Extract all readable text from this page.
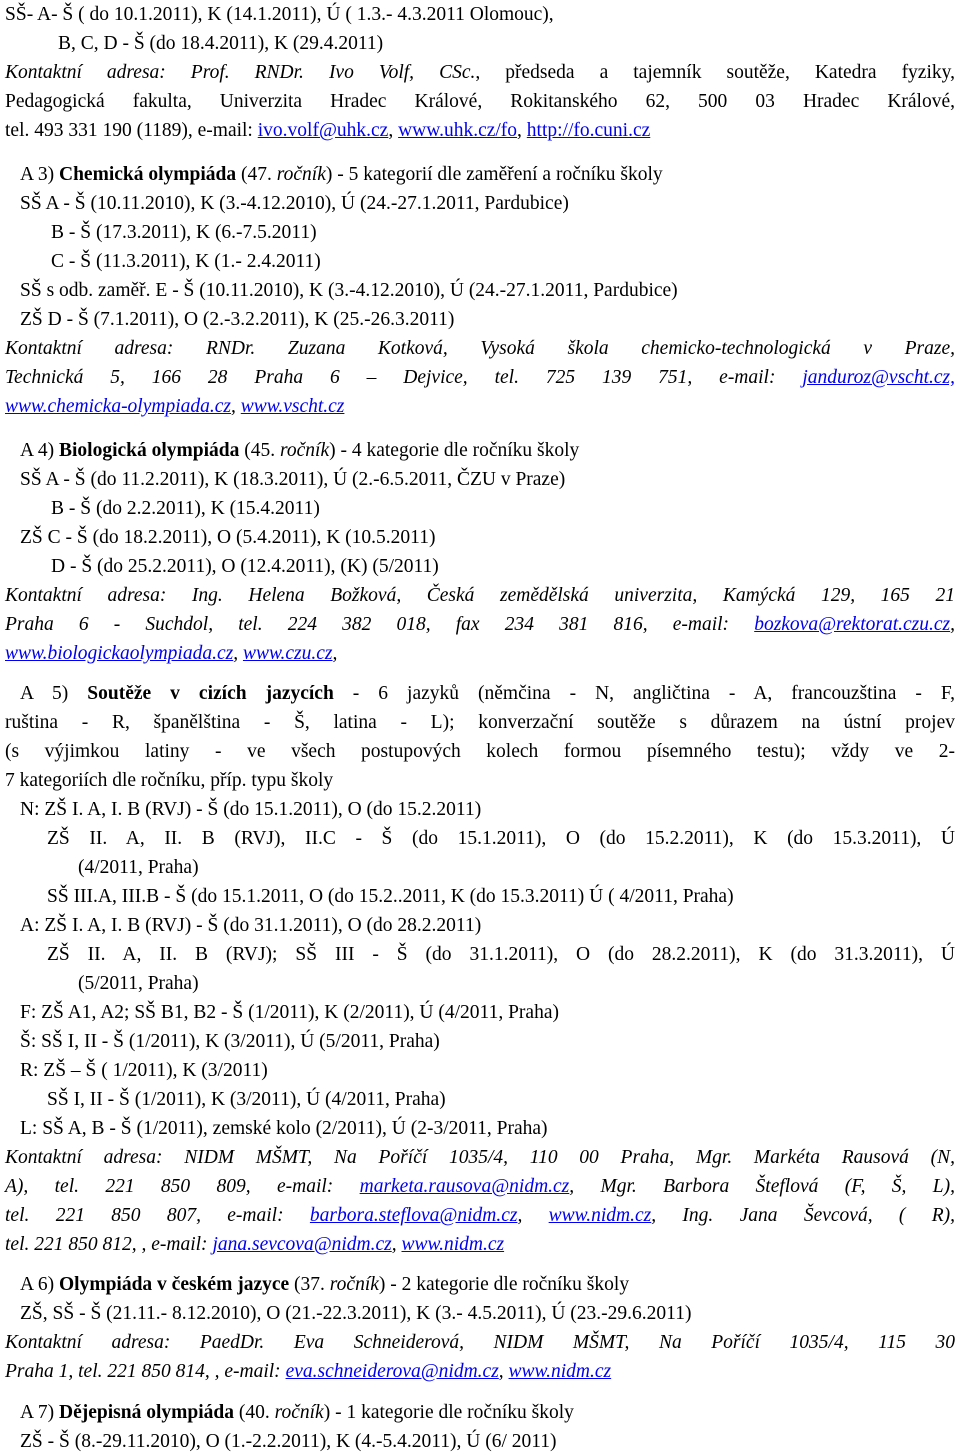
SŠ- A- Š ( do 10.1.2011), K (14.1.2011), Ú ( 1.3.- 4.3.2011 Olomouc),
B, C, D - Š (do 18.4.2011), K (29.4.2011)
Kontaktní adresa: Prof. RNDr. Ivo Volf, CSc., předseda a tajemník soutěže, Katedra fyziky,
Pedagogická fakulta, Univerzita Hradec Králové, Rokitanského 62, 500 03 Hradec Králové,
tel. 493 331 190 (1189), e-mail: ivo.volf@uhk.cz, www.uhk.cz/fo, http://fo.cuni.cz
A 3) Chemická olympiáda (47. ročník) - 5 kategorií dle zaměření a ročníku školy
SŠ A - Š (10.11.2010), K (3.-4.12.2010), Ú (24.-27.1.2011, Pardubice)
B - Š (17.3.2011), K (6.-7.5.2011)
C - Š (11.3.2011), K (1.- 2.4.2011)
SŠ s odb. zaměř. E - Š (10.11.2010), K (3.-4.12.2010), Ú (24.-27.1.2011, Pardubice)
ZŠ D - Š (7.1.2011), O (2.-3.2.2011), K (25.-26.3.2011)
Kontaktní adresa: RNDr. Zuzana Kotková, Vysoká škola chemicko-technologická v Praze,
Technická 5, 166 28 Praha 6 – Dejvice, tel. 725 139 751, e-mail: janduroz@vscht.cz,
www.chemicka-olympiada.cz, www.vscht.cz
A 4) Biologická olympiáda (45. ročník) - 4 kategorie dle ročníku školy
SŠ A - Š (do 11.2.2011), K (18.3.2011), Ú (2.-6.5.2011, ČZU v Praze)
B - Š (do 2.2.2011), K (15.4.2011)
ZŠ C - Š (do 18.2.2011), O (5.4.2011), K (10.5.2011)
D - Š (do 25.2.2011), O (12.4.2011), (K) (5/2011)
Kontaktní adresa: Ing. Helena Božková, Česká zemědělská univerzita, Kamýcká 129, 165 21
Praha 6 - Suchdol, tel. 224 382 018, fax 234 381 816, e-mail: bozkova@rektorat.czu.cz,
www.biologickaolympiada.cz, www.czu.cz,
A 5) Soutěže v cizích jazycích - 6 jazyků (němčina - N, angličtina - A, francouzština - F,
ruština - R, španělština - Š, latina - L); konverzační soutěže s důrazem na ústní projev
(s výjimkou latiny - ve všech postupových kolech formou písemného testu); vždy ve 2-
7 kategoriích dle ročníku, příp. typu školy
N: ZŠ I. A, I. B (RVJ) - Š (do 15.1.2011), O (do 15.2.2011)
ZŠ II. A, II. B (RVJ), II.C - Š (do 15.1.2011), O (do 15.2.2011), K (do 15.3.2011), Ú
(4/2011, Praha)
SŠ III.A, III.B - Š (do 15.1.2011, O (do 15.2..2011, K (do 15.3.2011) Ú ( 4/2011, Praha)
A: ZŠ I. A, I. B (RVJ) - Š (do 31.1.2011), O (do 28.2.2011)
ZŠ II. A, II. B (RVJ); SŠ III - Š (do 31.1.2011), O (do 28.2.2011), K (do 31.3.2011), Ú
(5/2011, Praha)
F: ZŠ A1, A2; SŠ B1, B2 - Š (1/2011), K (2/2011), Ú (4/2011, Praha)
Š: SŠ I, II - Š (1/2011), K (3/2011), Ú (5/2011, Praha)
R: ZŠ – Š ( 1/2011), K (3/2011)
SŠ I, II - Š (1/2011), K (3/2011), Ú (4/2011, Praha)
L: SŠ A, B - Š (1/2011), zemské kolo (2/2011), Ú (2-3/2011, Praha)
Kontaktní adresa: NIDM MŠMT, Na Poříčí 1035/4, 110 00 Praha, Mgr. Markéta Rausová (N,
A), tel. 221 850 809, e-mail: marketa.rausova@nidm.cz, Mgr. Barbora Šteflová (F, Š, L),
tel. 221 850 807, e-mail: barbora.steflova@nidm.cz, www.nidm.cz, Ing. Jana Ševcová, ( R),
tel. 221 850 812, , e-mail: jana.sevcova@nidm.cz, www.nidm.cz
A 6) Olympiáda v českém jazyce (37. ročník) - 2 kategorie dle ročníku školy
ZŠ, SŠ - Š (21.11.- 8.12.2010), O (21.-22.3.2011), K (3.- 4.5.2011), Ú (23.-29.6.2011)
Kontaktní adresa: PaedDr. Eva Schneiderová, NIDM MŠMT, Na Poříčí 1035/4, 115 30
Praha 1, tel. 221 850 814, , e-mail: eva.schneiderova@nidm.cz, www.nidm.cz
A 7) Dějepisná olympiáda (40. ročník) - 1 kategorie dle ročníku školy
ZŠ - Š (8.-29.11.2010), O (1.-2.2.2011), K (4.-5.4.2011), Ú (6/ 2011)
